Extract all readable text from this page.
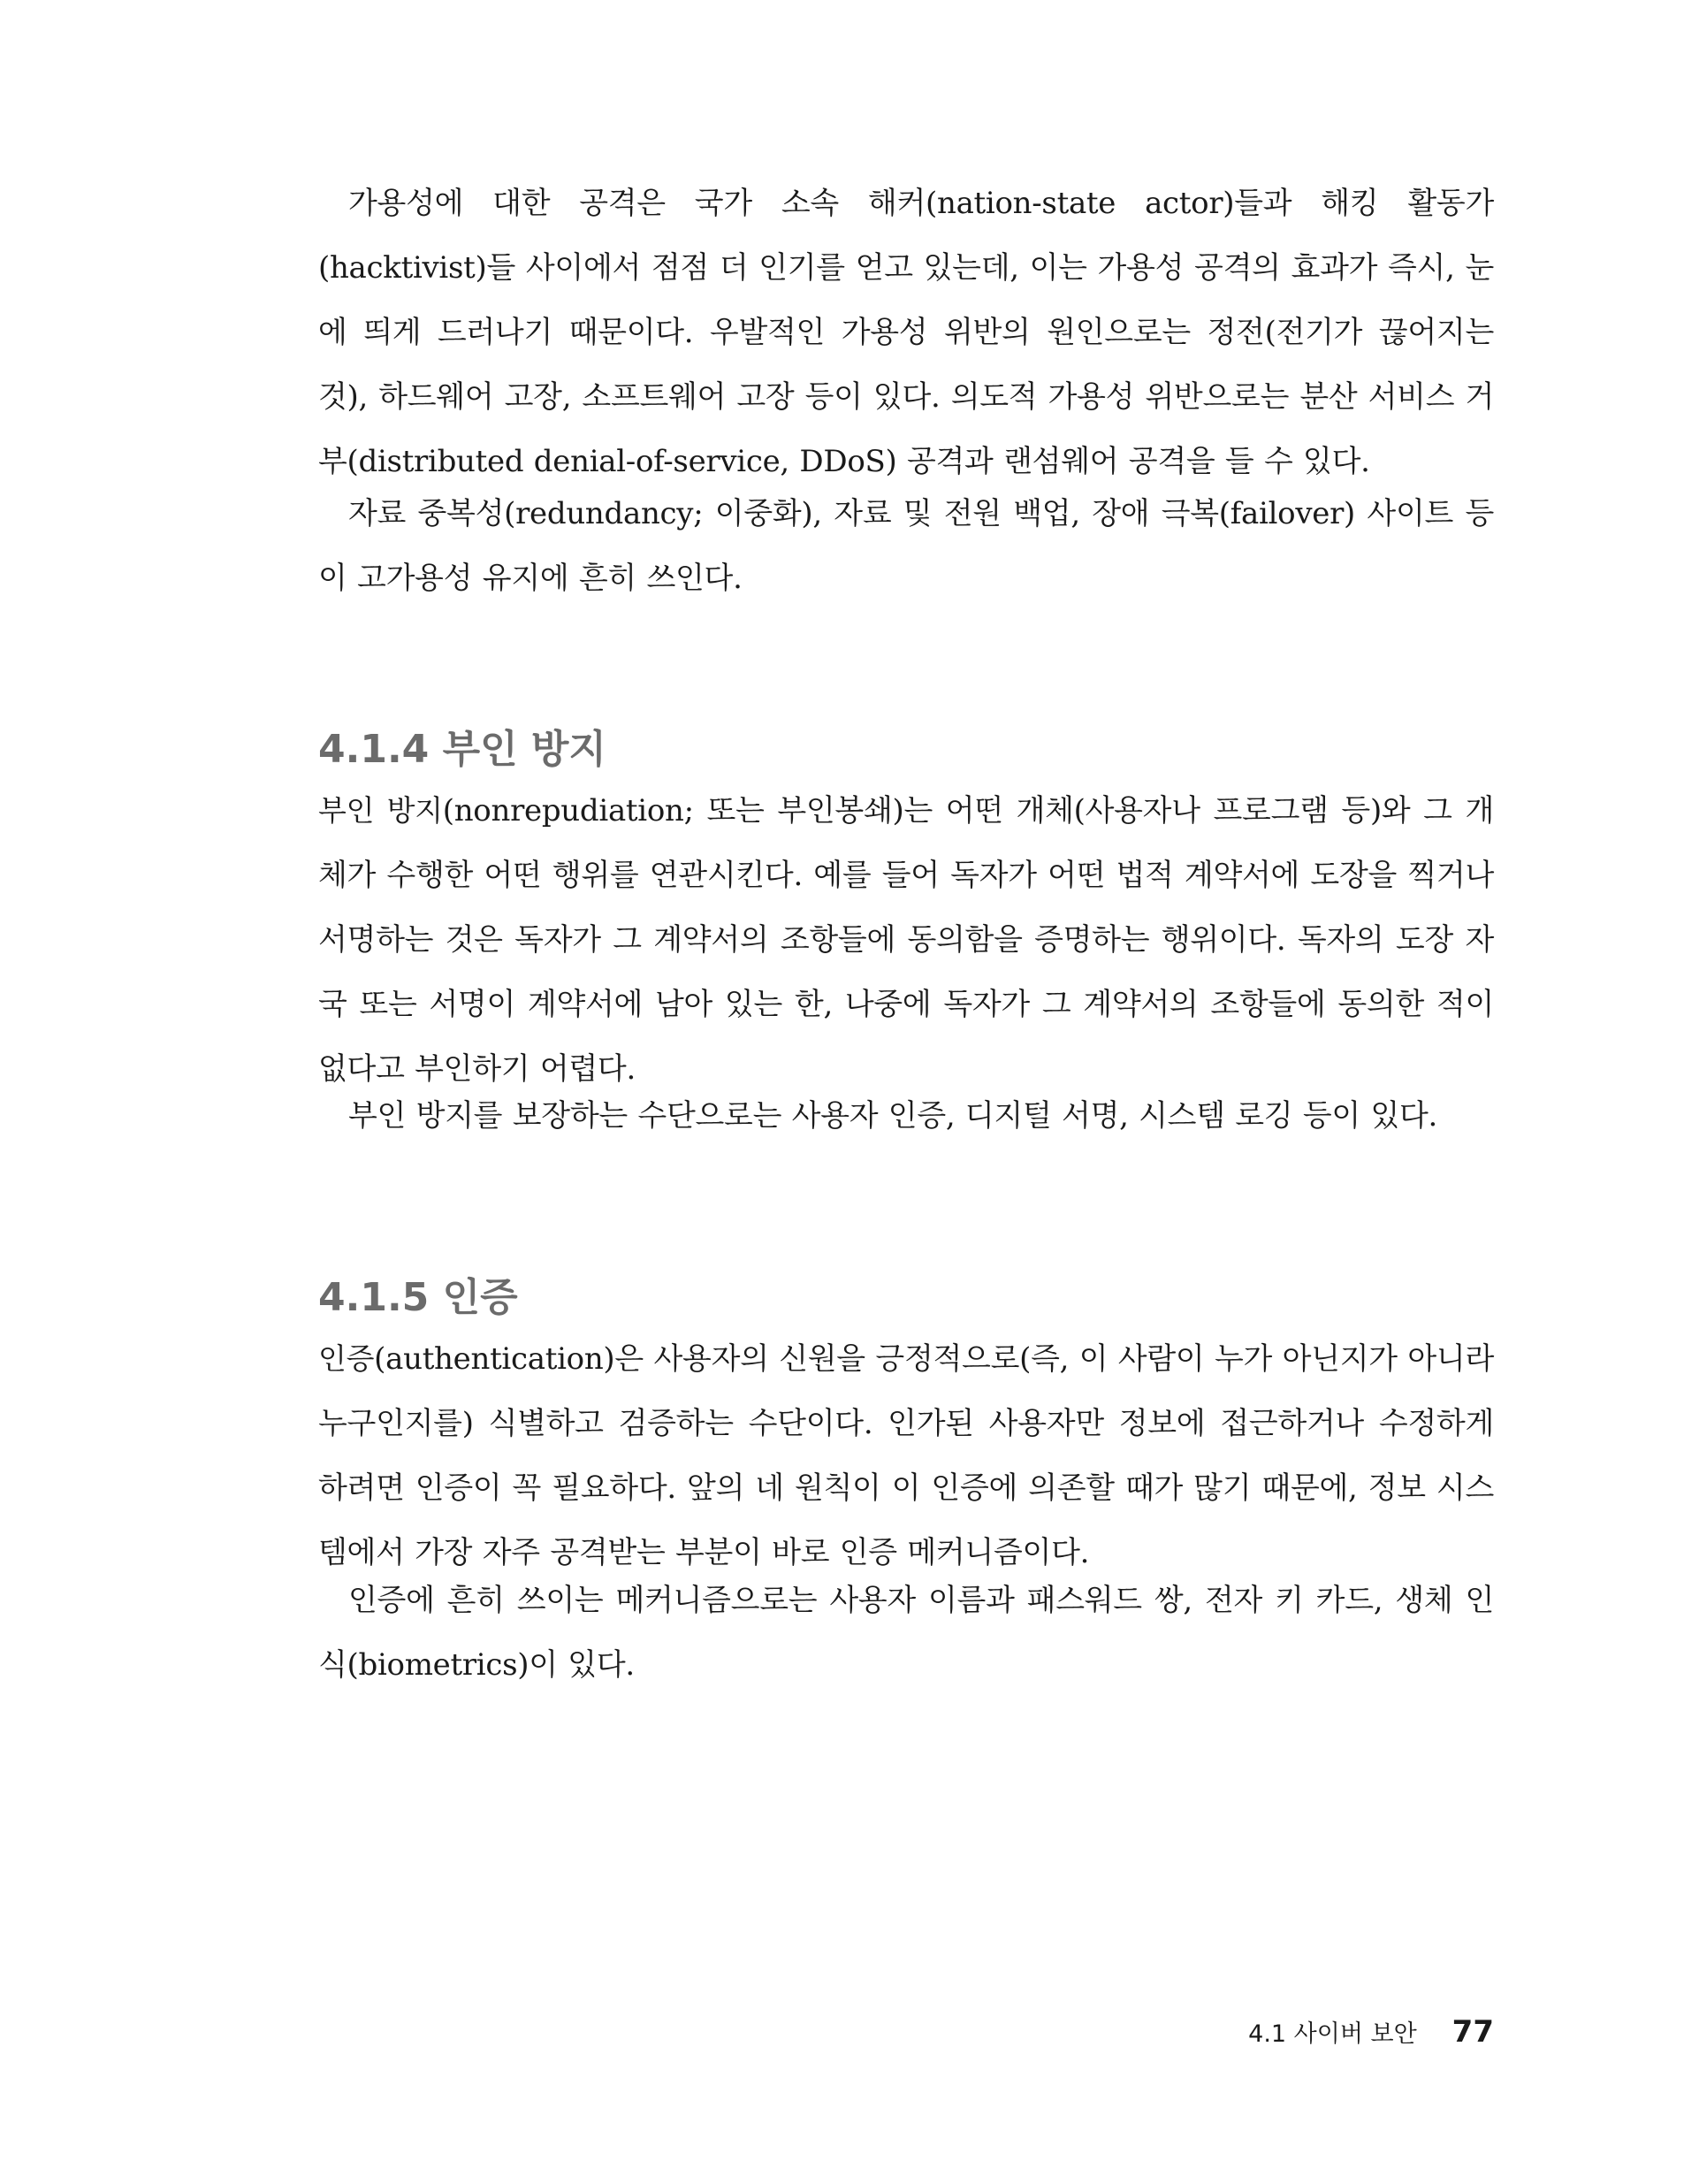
가용성에 대한 공격은 국가 소속 해커(nation-state actor)들과 해킹 활동가(hacktivist)들 사이에서 점점 더 인기를 얻고 있는데, 이는 가용성 공격의 효과가 즉시, 눈에 띄게 드러나기 때문이다. 우발적인 가용성 위반의 원인으로는 정전(전기가 끊어지는 것), 하드웨어 고장, 소프트웨어 고장 등이 있다. 의도적 가용성 위반으로는 분산 서비스 거부(distributed denial-of-service, DDoS) 공격과 랜섬웨어 공격을 들 수 있다.

자료 중복성(redundancy; 이중화), 자료 및 전원 백업, 장애 극복(failover) 사이트 등이 고가용성 유지에 흔히 쓰인다.

4.1.4 부인 방지

부인 방지(nonrepudiation; 또는 부인봉쇄)는 어떤 개체(사용자나 프로그램 등)와 그 개체가 수행한 어떤 행위를 연관시킨다. 예를 들어 독자가 어떤 법적 계약서에 도장을 찍거나 서명하는 것은 독자가 그 계약서의 조항들에 동의함을 증명하는 행위이다. 독자의 도장 자국 또는 서명이 계약서에 남아 있는 한, 나중에 독자가 그 계약서의 조항들에 동의한 적이 없다고 부인하기 어렵다.

부인 방지를 보장하는 수단으로는 사용자 인증, 디지털 서명, 시스템 로깅 등이 있다.

4.1.5 인증

인증(authentication)은 사용자의 신원을 긍정적으로(즉, 이 사람이 누가 아닌지가 아니라 누구인지를) 식별하고 검증하는 수단이다. 인가된 사용자만 정보에 접근하거나 수정하게 하려면 인증이 꼭 필요하다. 앞의 네 원칙이 이 인증에 의존할 때가 많기 때문에, 정보 시스템에서 가장 자주 공격받는 부분이 바로 인증 메커니즘이다.

인증에 흔히 쓰이는 메커니즘으로는 사용자 이름과 패스워드 쌍, 전자 키 카드, 생체 인식(biometrics)이 있다.

4.1 사이버 보안 77
